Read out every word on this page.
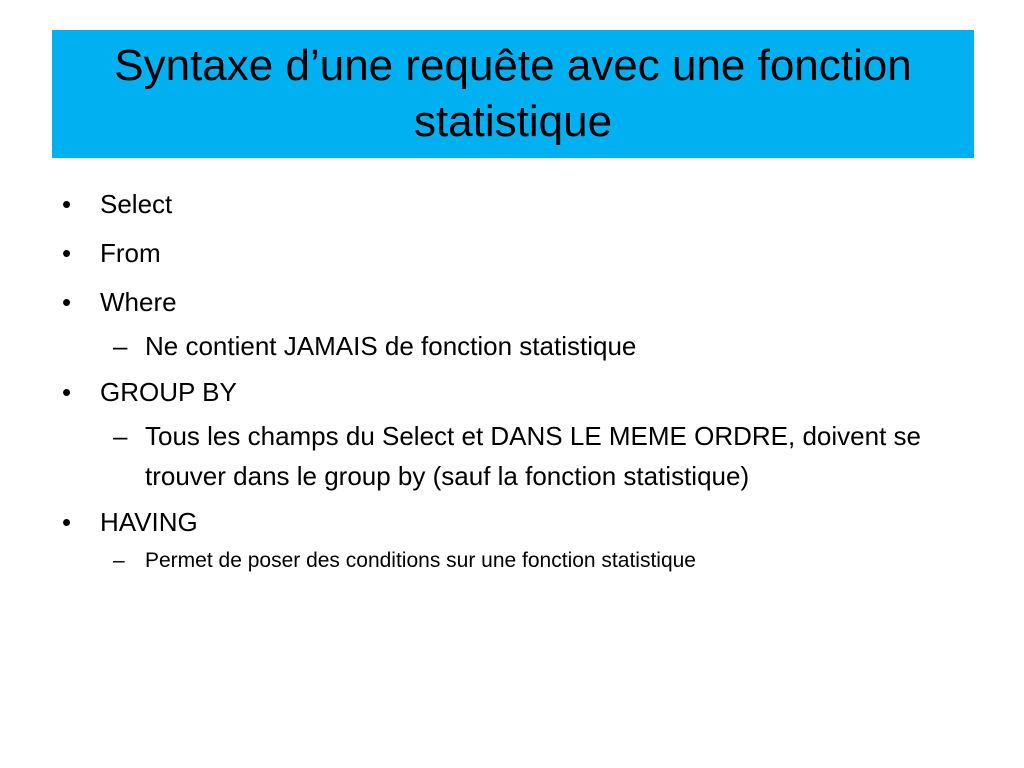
Syntaxe d’une requête avec une fonction statistique
• Select
• From
• Where
– Ne contient JAMAIS de fonction statistique
• GROUP BY
– Tous les champs du Select et DANS LE MEME ORDRE, doivent se trouver dans le group by (sauf la fonction statistique)
• HAVING
– Permet de poser des conditions sur une fonction statistique
